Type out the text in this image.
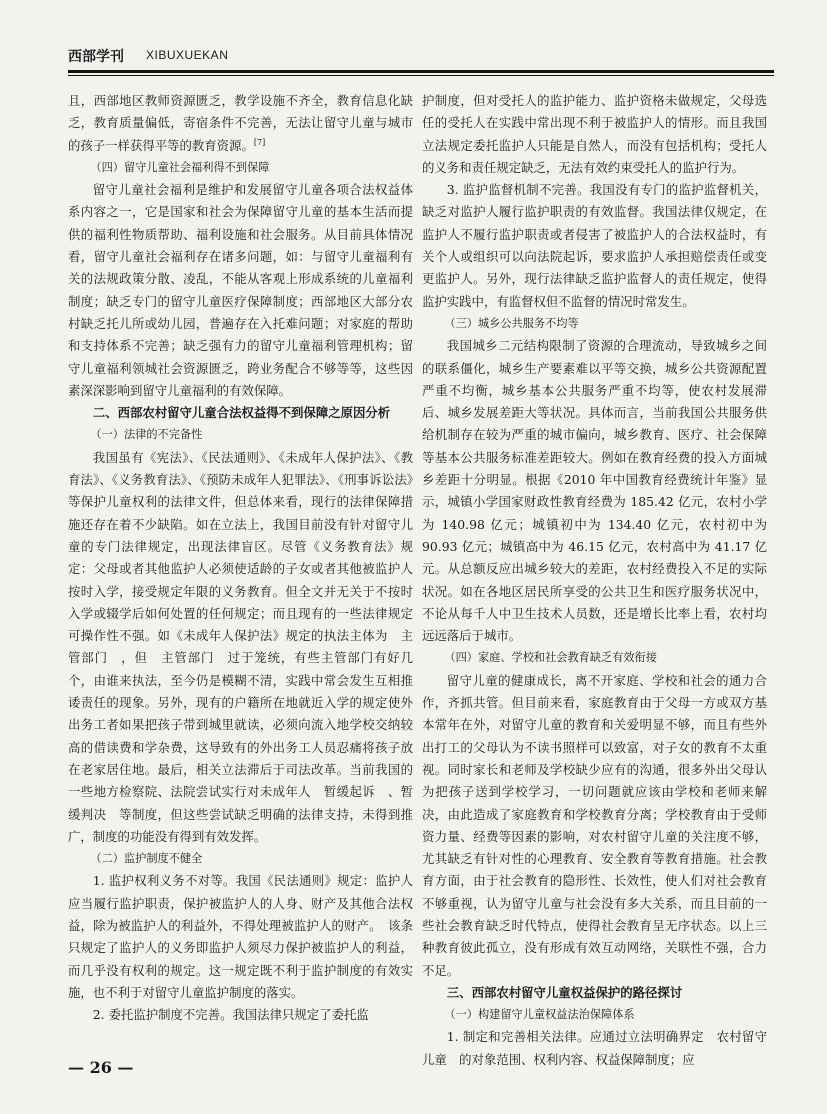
西部学刊 XIBUXUEKAN

且，西部地区教师资源匮乏，教学设施不齐全，教育信息化缺乏，教育质量偏低，寄宿条件不完善，无法让留守儿童与城市的孩子一样获得平等的教育资源。[7]

（四）留守儿童社会福利得不到保障

留守儿童社会福利是维护和发展留守儿童各项合法权益体系内容之一，它是国家和社会为保障留守儿童的基本生活而提供的福利性物质帮助、福利设施和社会服务。从目前具体情况看，留守儿童社会福利存在诸多问题，如：与留守儿童福利有关的法规政策分散、凌乱，不能从客观上形成系统的儿童福利制度；缺乏专门的留守儿童医疗保障制度；西部地区大部分农村缺乏托儿所或幼儿园，普遍存在入托难问题；对家庭的帮助和支持体系不完善；缺乏强有力的留守儿童福利管理机构；留守儿童福利领城社会资源匮乏，跨业务配合不够等等，这些因素深深影响到留守儿童福利的有效保障。

二、西部农村留守儿童合法权益得不到保障之原因分析

（一）法律的不完备性

我国虽有《宪法》、《民法通则》、《未成年人保护法》、《教育法》、《义务教育法》、《预防未成年人犯罪法》、《刑事诉讼法》等保护儿童权利的法律文件，但总体来看，现行的法律保障措施还存在着不少缺陷。如在立法上，我国目前没有针对留守儿童的专门法律规定，出现法律盲区。尽管《义务教育法》规定：父母或者其他监护人必须使适龄的子女或者其他被监护人按时入学，接受规定年限的义务教育。但全文并无关于不按时入学或辍学后如何处置的任何规定；而且现有的一些法律规定可操作性不强。如《未成年人保护法》规定的执法主体为　主管部门　，但　主管部门　过于笼统，有些主管部门有好几个，由谁来执法，至今仍是模糊不清，实践中常会发生互相推诿责任的现象。另外，现有的户籍所在地就近入学的规定使外出务工者如果把孩子带到城里就读，必须向流入地学校交纳较高的借读费和学杂费，这导致有的外出务工人员忍痛将孩子放在老家居住地。最后，相关立法滞后于司法改革。当前我国的一些地方检察院、法院尝试实行对未成年人　暂缓起诉　、暂缓判决　等制度，但这些尝试缺乏明确的法律支持，未得到推广，制度的功能没有得到有效发挥。

（二）监护制度不健全

1. 监护权利义务不对等。我国《民法通则》规定：监护人应当履行监护职责，保护被监护人的人身、财产及其他合法权益，除为被监护人的利益外，不得处理被监护人的财产。　该条只规定了监护人的义务即监护人须尽力保护被监护人的利益，而几乎没有权利的规定。这一规定既不利于监护制度的有效实施，也不利于对留守儿童监护制度的落实。

2. 委托监护制度不完善。我国法律只规定了委托监

护制度，但对受托人的监护能力、监护资格未做规定，父母选任的受托人在实践中常出现不利于被监护人的情形。而且我国立法规定委托监护人只能是自然人，而没有包括机构；受托人的义务和责任规定缺乏，无法有效约束受托人的监护行为。

3. 监护监督机制不完善。我国没有专门的监护监督机关，缺乏对监护人履行监护职责的有效监督。我国法律仅规定，在监护人不履行监护职责或者侵害了被监护人的合法权益时，有关个人或组织可以向法院起诉，要求监护人承担赔偿责任或变更监护人。另外，现行法律缺乏监护监督人的责任规定，使得监护实践中，有监督权但不监督的情况时常发生。

（三）城乡公共服务不均等

我国城乡二元结构限制了资源的合理流动，导致城乡之间的联系僵化，城乡生产要素难以平等交换，城乡公共资源配置严重不均衡，城乡基本公共服务严重不均等，使农村发展滞后、城乡发展差距大等状况。具体而言，当前我国公共服务供给机制存在较为严重的城市偏向，城乡教育、医疗、社会保障等基本公共服务标准差距较大。例如在教育经费的投入方面城乡差距十分明显。根据《2010 年中国教育经费统计年鉴》显示，城镇小学国家财政性教育经费为 185.42 亿元，农村小学为 140.98 亿元；城镇初中为 134.40 亿元，农村初中为 90.93 亿元；城镇高中为 46.15 亿元，农村高中为 41.17 亿元。从总额反应出城乡较大的差距，农村经费投入不足的实际状况。如在各地区居民所享受的公共卫生和医疗服务状况中，不论从每千人中卫生技术人员数，还是增长比率上看，农村均远远落后于城市。

（四）家庭、学校和社会教育缺乏有效衔接

留守儿童的健康成长，离不开家庭、学校和社会的通力合作，齐抓共管。但目前来看，家庭教育由于父母一方或双方基本常年在外，对留守儿童的教育和关爱明显不够，而且有些外出打工的父母认为不读书照样可以致富，对子女的教育不太重视。同时家长和老师及学校缺少应有的沟通，很多外出父母认为把孩子送到学校学习，一切问题就应该由学校和老师来解决，由此造成了家庭教育和学校教育分离；学校教育由于受师资力量、经费等因素的影响，对农村留守儿童的关注度不够，尤其缺乏有针对性的心理教育、安全教育等教育措施。社会教育方面，由于社会教育的隐形性、长效性，使人们对社会教育不够重视，认为留守儿童与社会没有多大关系，而且目前的一些社会教育缺乏时代特点，使得社会教育呈无序状态。以上三种教育彼此孤立，没有形成有效互动网络，关联性不强，合力不足。

三、西部农村留守儿童权益保护的路径探讨

（一）构建留守儿童权益法治保障体系

1. 制定和完善相关法律。应通过立法明确界定　农村留守儿童　的对象范围、权利内容、权益保障制度；应

— 26 —
